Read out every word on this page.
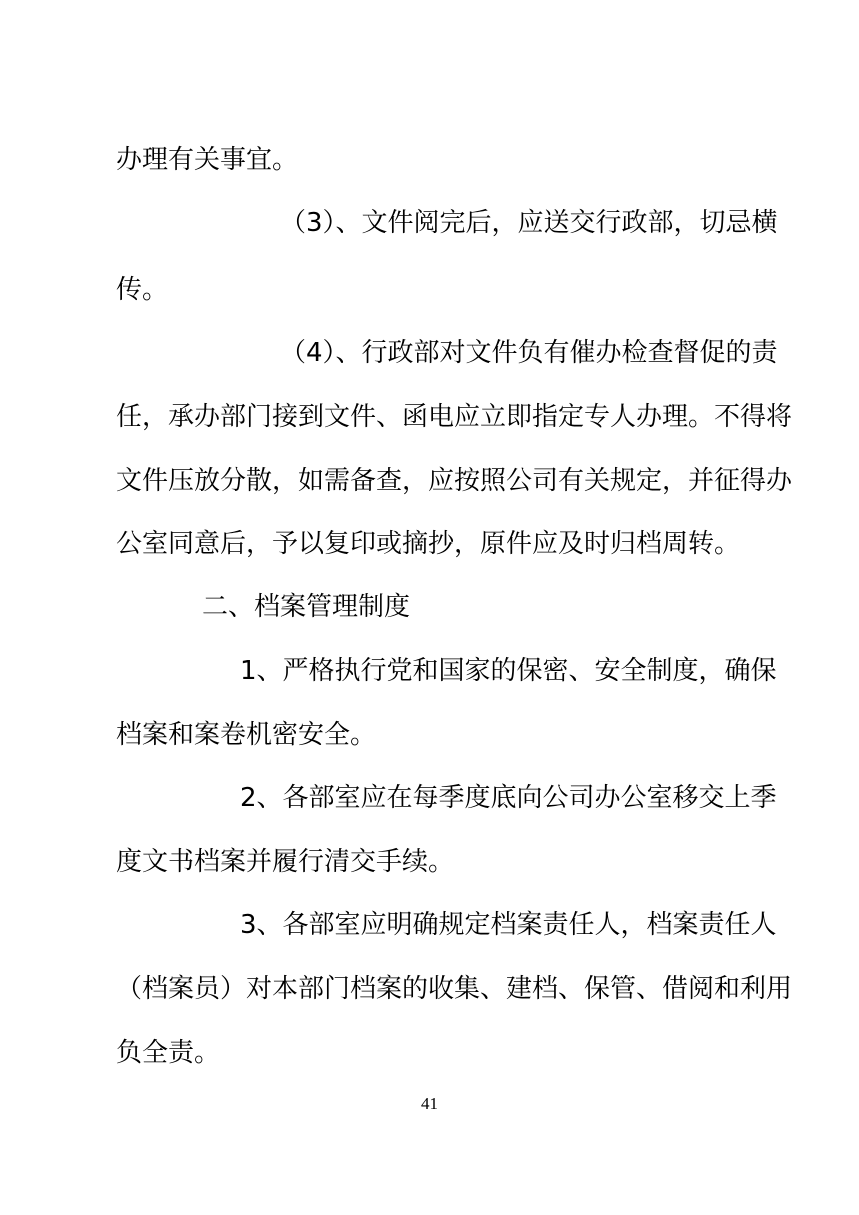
办理有关事宜。
（3）、文件阅完后，应送交行政部，切忌横
传。
（4）、行政部对文件负有催办检查督促的责
任，承办部门接到文件、函电应立即指定专人办理。不得将
文件压放分散，如需备查，应按照公司有关规定，并征得办
公室同意后，予以复印或摘抄，原件应及时归档周转。
二、档案管理制度
1、严格执行党和国家的保密、安全制度，确保
档案和案卷机密安全。
2、各部室应在每季度底向公司办公室移交上季
度文书档案并履行清交手续。
3、各部室应明确规定档案责任人，档案责任人
（档案员）对本部门档案的收集、建档、保管、借阅和利用
负全责。
41
